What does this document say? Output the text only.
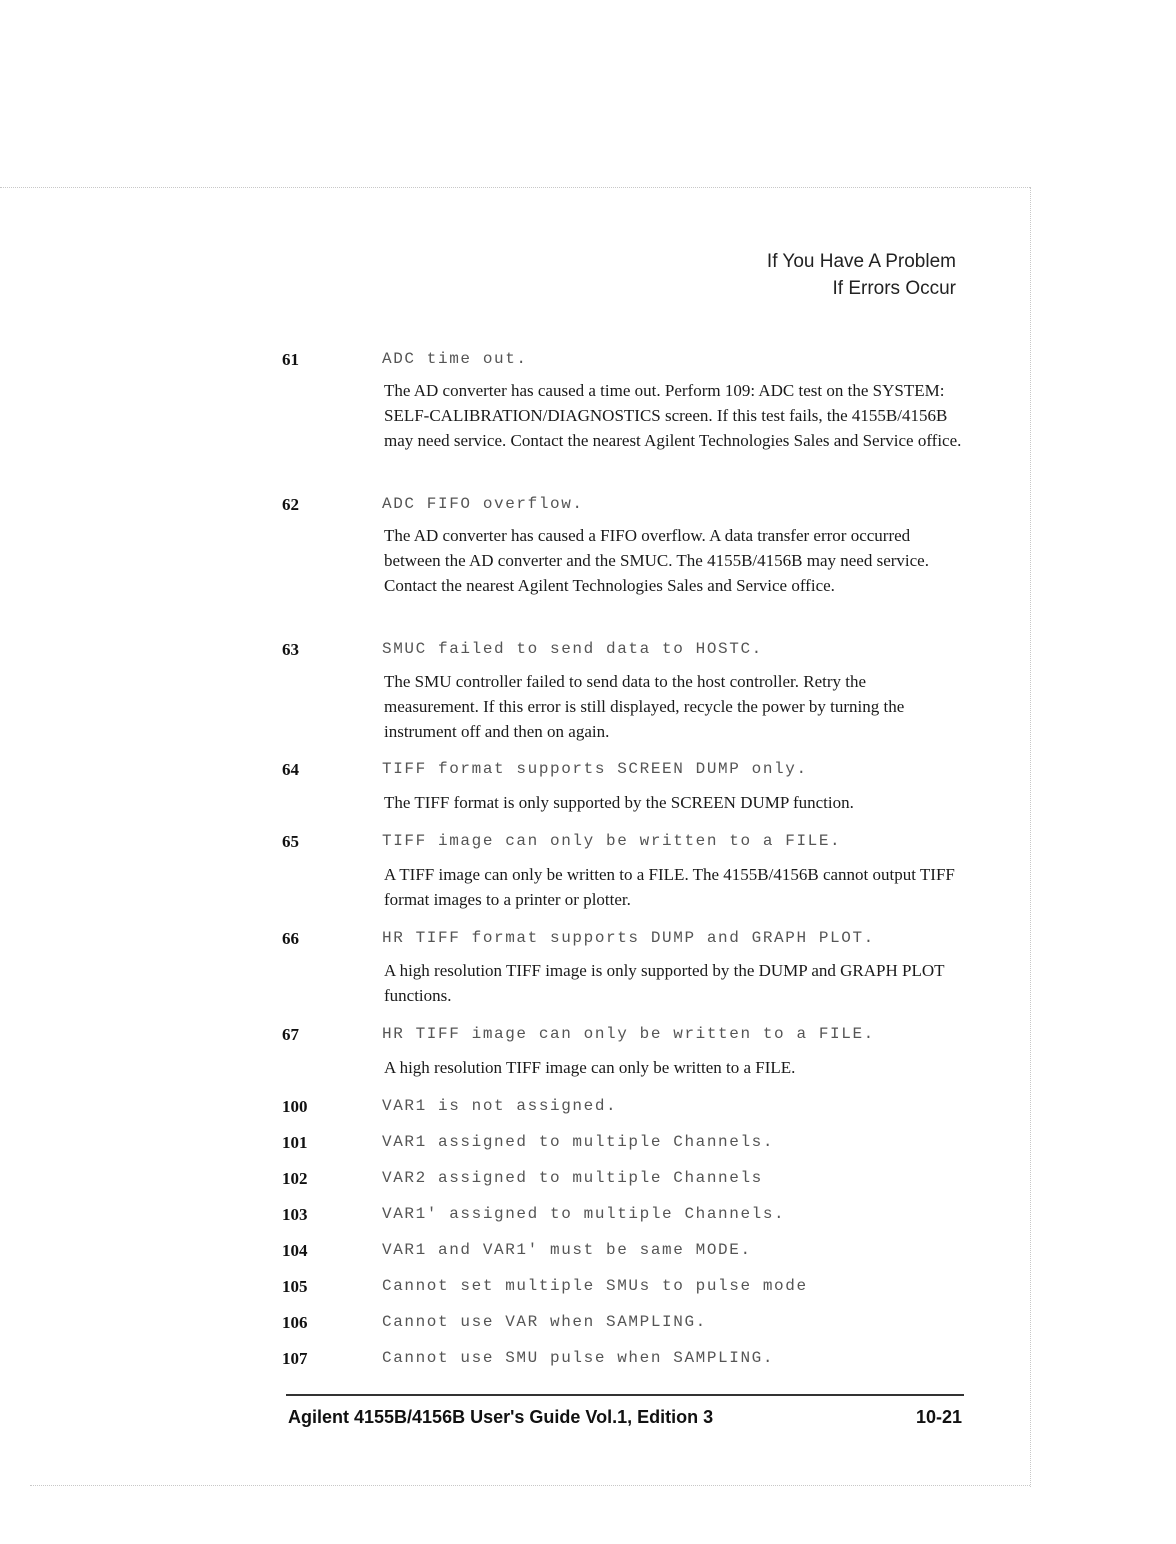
If You Have A Problem
If Errors Occur
61	ADC time out.
The AD converter has caused a time out. Perform 109: ADC test on the SYSTEM: SELF-CALIBRATION/DIAGNOSTICS screen. If this test fails, the 4155B/4156B may need service. Contact the nearest Agilent Technologies Sales and Service office.
62	ADC FIFO overflow.
The AD converter has caused a FIFO overflow. A data transfer error occurred between the AD converter and the SMUC. The 4155B/4156B may need service. Contact the nearest Agilent Technologies Sales and Service office.
63	SMUC failed to send data to HOSTC.
The SMU controller failed to send data to the host controller. Retry the measurement. If this error is still displayed, recycle the power by turning the instrument off and then on again.
64	TIFF format supports SCREEN DUMP only.
The TIFF format is only supported by the SCREEN DUMP function.
65	TIFF image can only be written to a FILE.
A TIFF image can only be written to a FILE. The 4155B/4156B cannot output TIFF format images to a printer or plotter.
66	HR TIFF format supports DUMP and GRAPH PLOT.
A high resolution TIFF image is only supported by the DUMP and GRAPH PLOT functions.
67	HR TIFF image can only be written to a FILE.
A high resolution TIFF image can only be written to a FILE.
100	VAR1 is not assigned.
101	VAR1 assigned to multiple Channels.
102	VAR2 assigned to multiple Channels
103	VAR1' assigned to multiple Channels.
104	VAR1 and VAR1' must be same MODE.
105	Cannot set multiple SMUs to pulse mode
106	Cannot use VAR when SAMPLING.
107	Cannot use SMU pulse when SAMPLING.
Agilent 4155B/4156B User's Guide Vol.1, Edition 3	10-21
